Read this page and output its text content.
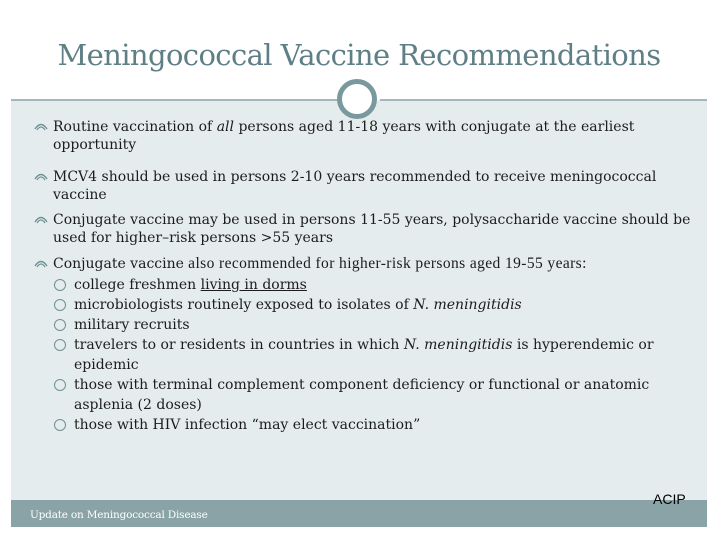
Meningococcal Vaccine Recommendations

Routine vaccination of all persons aged 11-18 years with conjugate at the earliest opportunity

MCV4 should be used in persons 2-10 years recommended to receive meningococcal vaccine

Conjugate vaccine may be used in persons 11-55 years, polysaccharide vaccine should be used for higher–risk persons >55 years

Conjugate vaccine also recommended for higher-risk persons aged 19-55 years:

college freshmen living in dorms

microbiologists routinely exposed to isolates of N. meningitidis

military recruits

travelers to or residents in countries in which N. meningitidis is hyperendemic or epidemic

those with terminal complement component deficiency or functional or anatomic asplenia (2 doses)

those with HIV infection “may elect vaccination”

Update on Meningococcal Disease
ACIP
